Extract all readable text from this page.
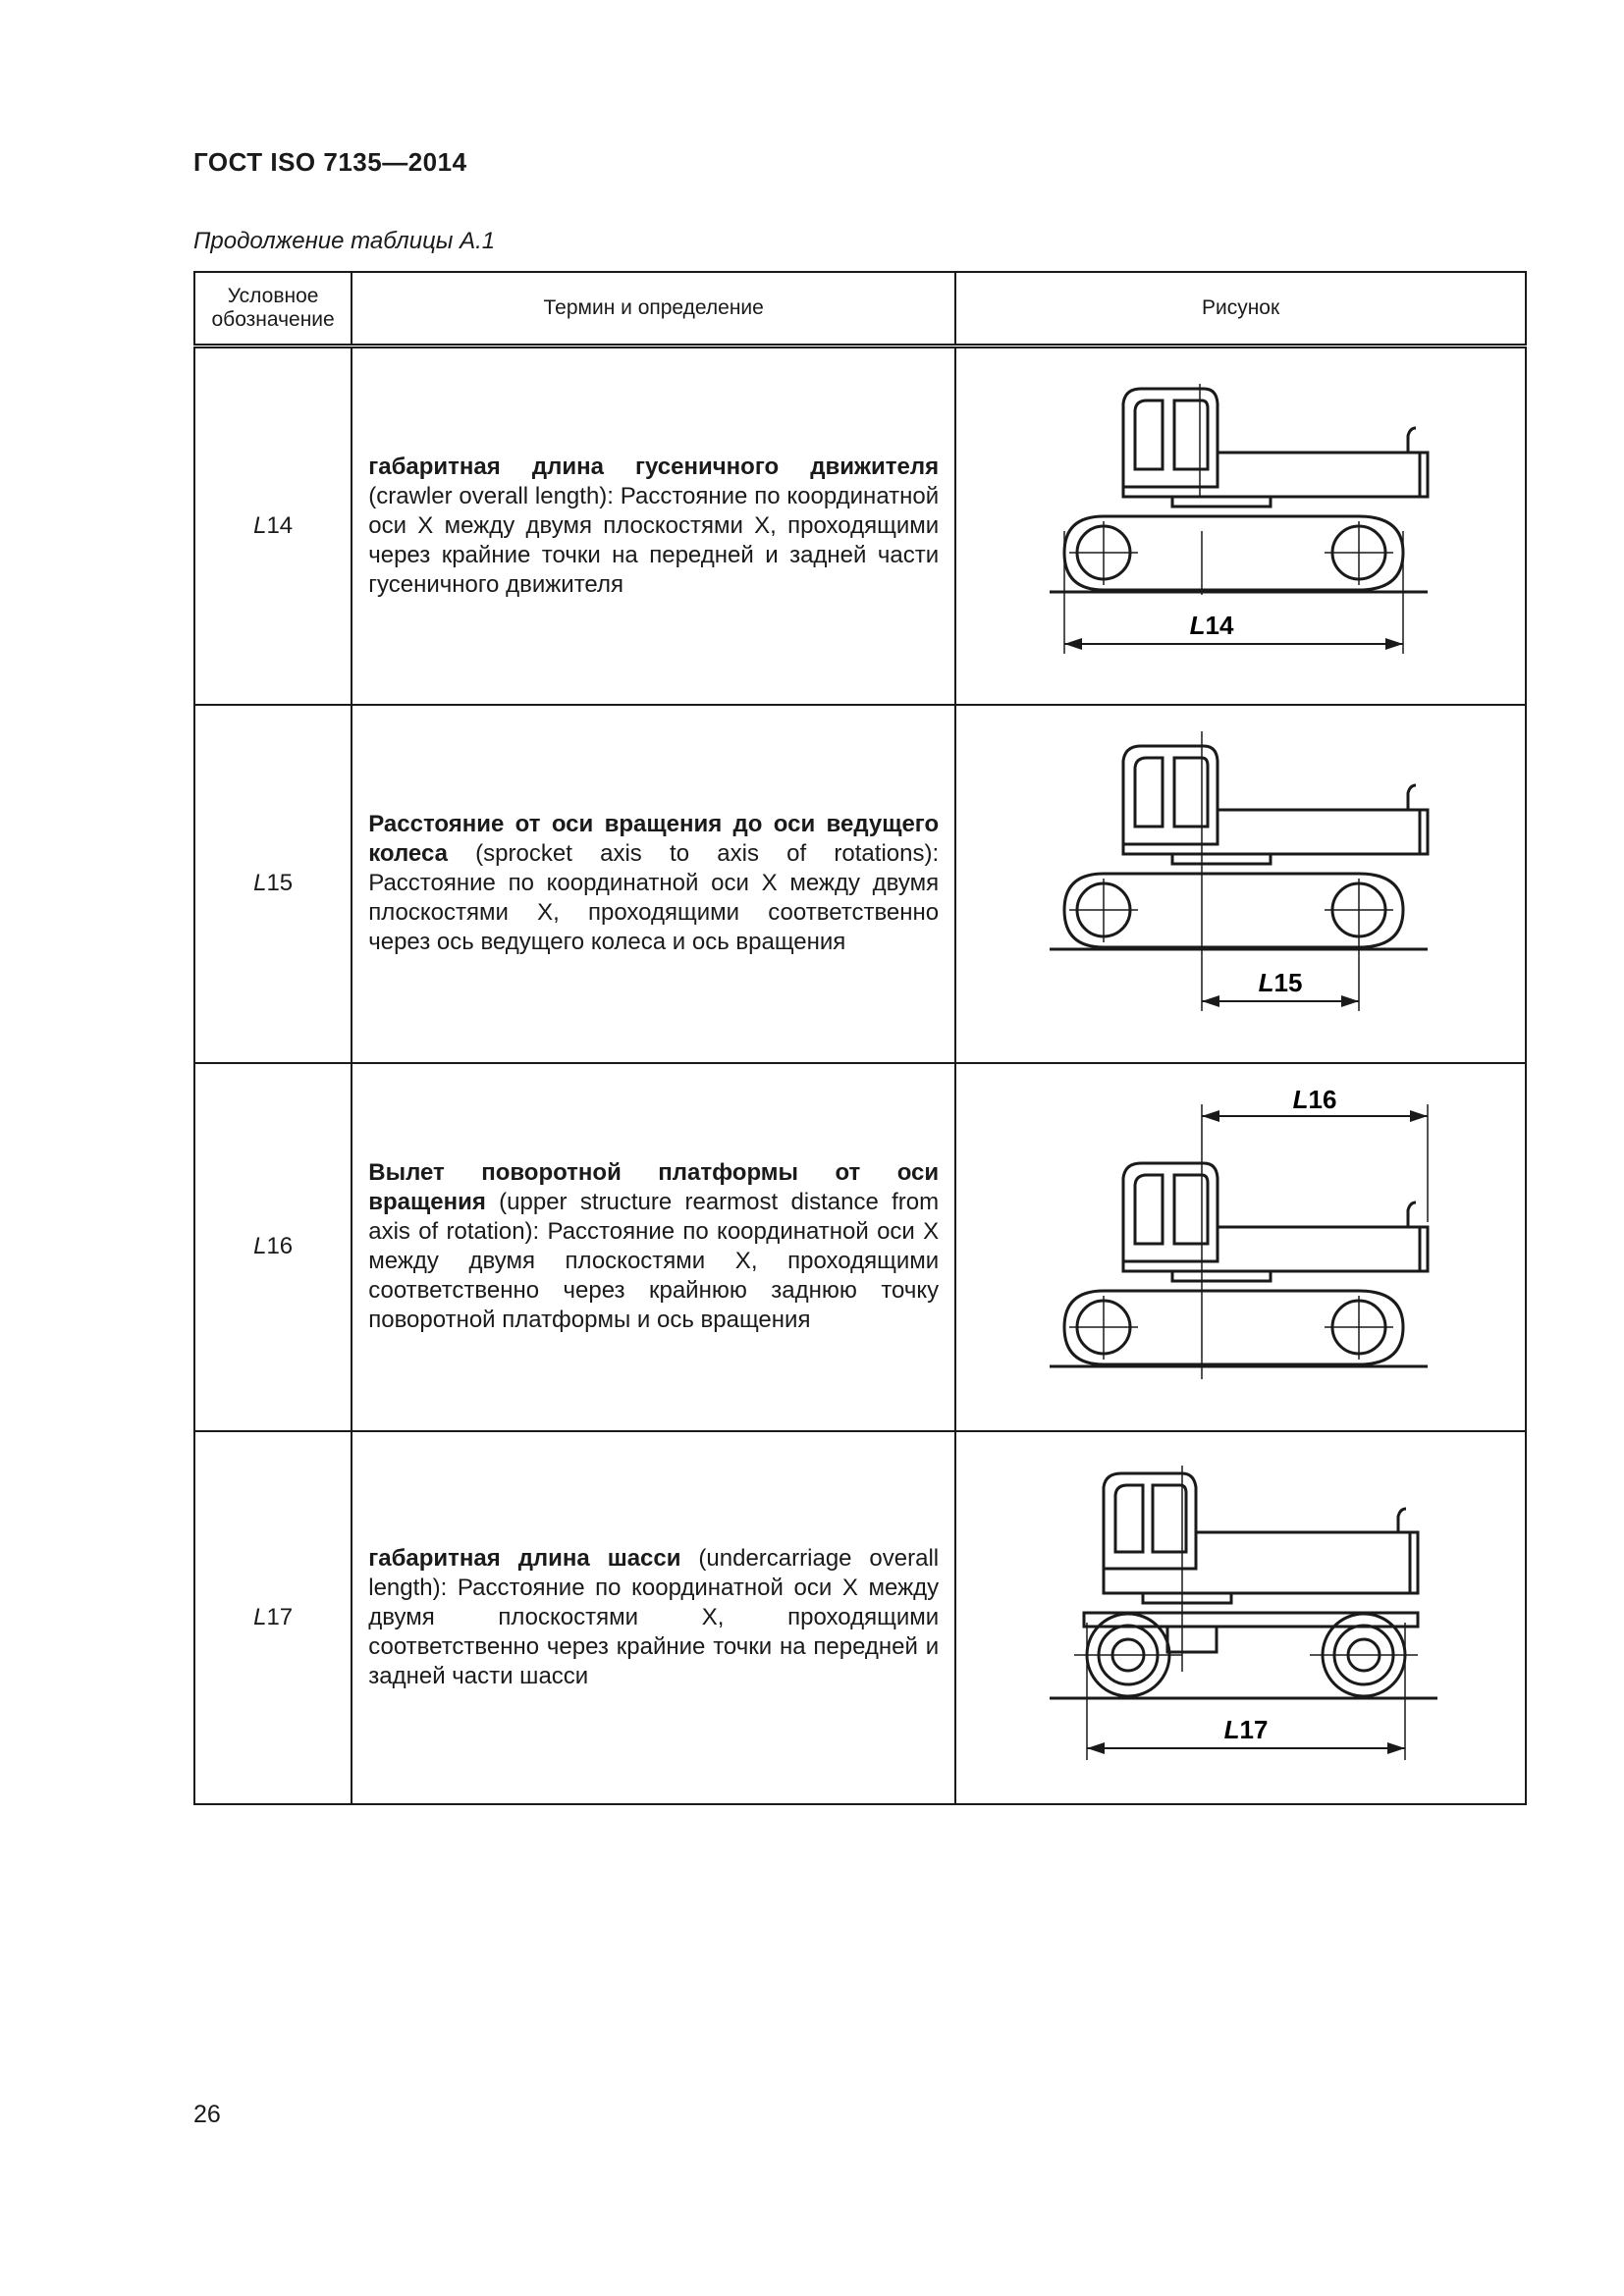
ГОСТ ISO 7135—2014
Продолжение таблицы А.1
Условное обозначение	Термин и определение	Рисунок
L14	габаритная длина гусеничного движителя (crawler overall length): Расстояние по координатной оси X между двумя плоскостями X, проходящими через крайние точки на передней и задней части гусеничного движителя	L14

L15	Расстояние от оси вращения до оси ведущего колеса (sprocket axis to axis of rotations): Расстояние по координатной оси X между двумя плоскостями X, проходящими соответственно через ось ведущего колеса и ось вращения	L15

L16	Вылет поворотной платформы от оси вращения (upper structure rearmost distance from axis of rotation): Расстояние по координатной оси X между двумя плоскостями X, проходящими соответственно через крайнюю заднюю точку поворотной платформы и ось вращения	L16

L17	габаритная длина шасси (undercarriage overall length): Расстояние по координатной оси X между двумя плоскостями X, проходящими соответственно через крайние точки на передней и задней части шасси	L17
26
